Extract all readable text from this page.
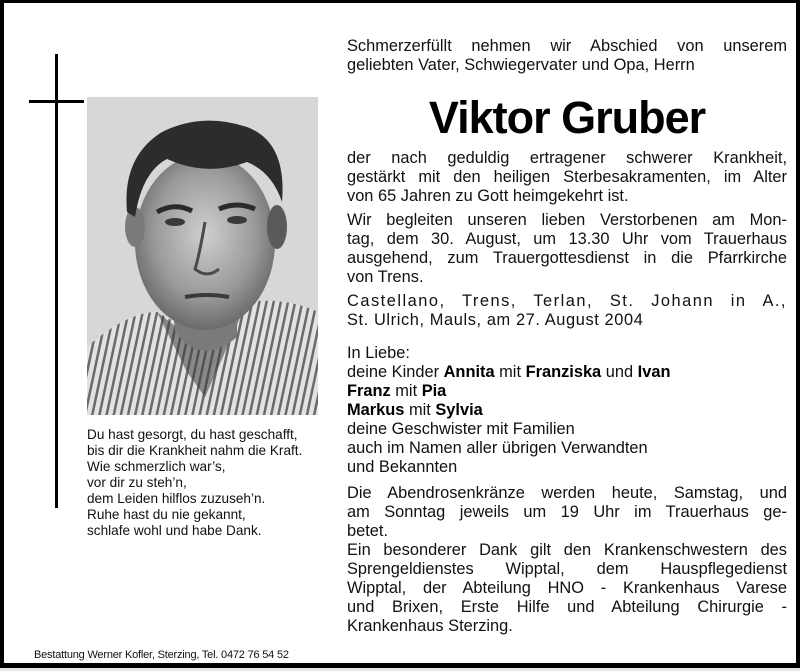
Du hast gesorgt, du hast geschafft,
bis dir die Krankheit nahm die Kraft.
Wie schmerzlich war’s,
vor dir zu steh’n,
dem Leiden hilflos zuzuseh’n.
Ruhe hast du nie gekannt,
schlafe wohl und habe Dank.
Schmerzerfüllt nehmen wir Abschied von unserem
geliebten Vater, Schwiegervater und Opa, Herrn
Viktor Gruber
der nach geduldig ertragener schwerer Krankheit,
gestärkt mit den heiligen Sterbesakramenten, im Alter
von 65 Jahren zu Gott heimgekehrt ist.
Wir begleiten unseren lieben Verstorbenen am Mon-
tag, dem 30. August, um 13.30 Uhr vom Trauerhaus
ausgehend, zum Trauergottesdienst in die Pfarrkirche
von Trens.
Castellano, Trens, Terlan, St. Johann in A.,
St. Ulrich, Mauls, am 27. August 2004
In Liebe:
deine Kinder Annita mit Franziska und Ivan
Franz mit Pia
Markus mit Sylvia
deine Geschwister mit Familien
auch im Namen aller übrigen Verwandten
und Bekannten
Die Abendrosenkränze werden heute, Samstag, und
am Sonntag jeweils um 19 Uhr im Trauerhaus ge-
betet.
Ein besonderer Dank gilt den Krankenschwestern des
Sprengeldienstes Wipptal, dem Hauspflegedienst
Wipptal, der Abteilung HNO - Krankenhaus Varese
und Brixen, Erste Hilfe und Abteilung Chirurgie -
Krankenhaus Sterzing.
Bestattung Werner Kofler, Sterzing, Tel. 0472 76 54 52
